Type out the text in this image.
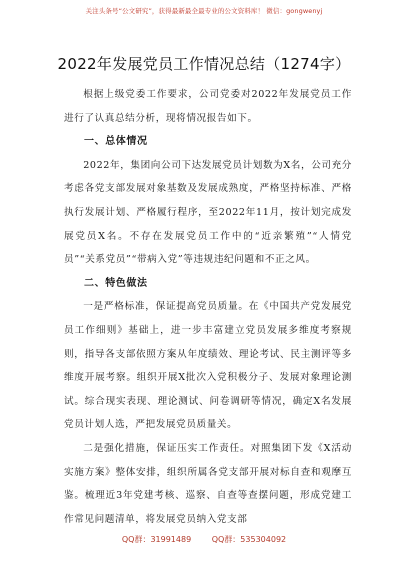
关注头条号“公文研究”，获得最新最全最专业的公文资料库！ 微信：gongwenyj
2022年发展党员工作情况总结（1274字）

根据上级党委工作要求，公司党委对2022年发展党员工作进行了认真总结分析，现将情况报告如下。

一、总体情况

2022年，集团向公司下达发展党员计划数为X名，公司充分考虑各党支部发展对象基数及发展成熟度，严格坚持标准、严格执行发展计划、严格履行程序，至2022年11月，按计划完成发展党员X名。不存在发展党员工作中的“近亲繁殖”“人情党员”“关系党员”“带病入党”等违规违纪问题和不正之风。

二、特色做法

一是严格标准，保证提高党员质量。在《中国共产党发展党员工作细则》基础上，进一步丰富建立党员发展多维度考察规则，指导各支部依照方案从年度绩效、理论考试、民主测评等多维度开展考察。组织开展X批次入党积极分子、发展对象理论测试。综合现实表现、理论测试、问卷调研等情况，确定X名发展党员计划人选，严把发展党员质量关。

二是强化措施，保证压实工作责任。对照集团下发《X活动实施方案》整体安排，组织所属各党支部开展对标自查和观摩互鉴。梳理近3年党建考核、巡察、自查等查摆问题，形成党建工作常见问题清单，将发展党员纳入党支部

QQ群：31991489	QQ群：535304092
